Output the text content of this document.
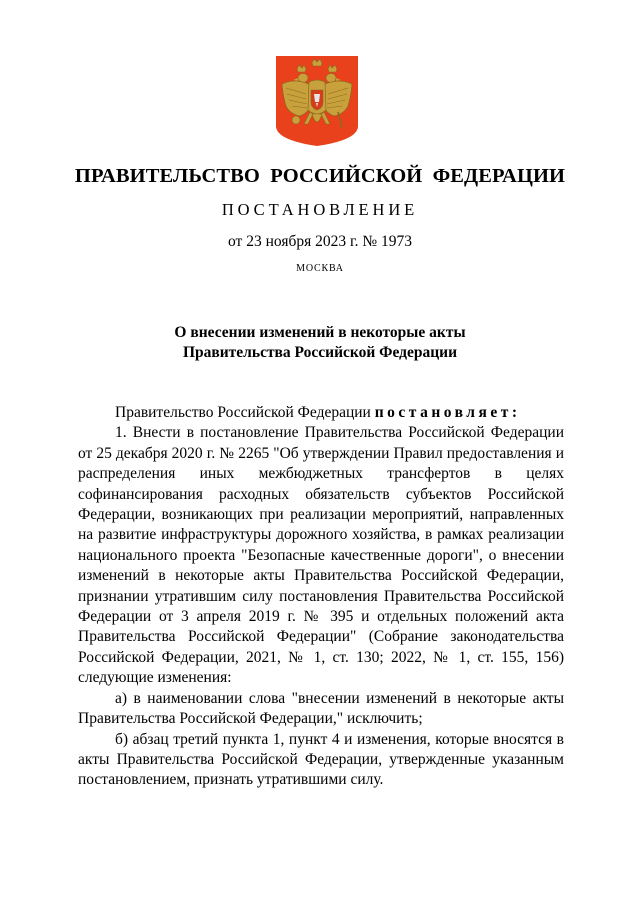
ПРАВИТЕЛЬСТВО РОССИЙСКОЙ ФЕДЕРАЦИИ
ПОСТАНОВЛЕНИЕ
от 23 ноября 2023 г. № 1973
МОСКВА
О внесении изменений в некоторые акты
Правительства Российской Федерации

Правительство Российской Федерации постановляет:

1. Внести в постановление Правительства Российской Федерации от 25 декабря 2020 г. № 2265 "Об утверждении Правил предоставления и распределения иных межбюджетных трансфертов в целях софинансирования расходных обязательств субъектов Российской Федерации, возникающих при реализации мероприятий, направленных на развитие инфраструктуры дорожного хозяйства, в рамках реализации национального проекта "Безопасные качественные дороги", о внесении изменений в некоторые акты Правительства Российской Федерации, признании утратившим силу постановления Правительства Российской Федерации от 3 апреля 2019 г. № 395 и отдельных положений акта Правительства Российской Федерации" (Собрание законодательства Российской Федерации, 2021, № 1, ст. 130; 2022, № 1, ст. 155, 156) следующие изменения:

а) в наименовании слова "внесении изменений в некоторые акты Правительства Российской Федерации," исключить;

б) абзац третий пункта 1, пункт 4 и изменения, которые вносятся в акты Правительства Российской Федерации, утвержденные указанным постановлением, признать утратившими силу.
